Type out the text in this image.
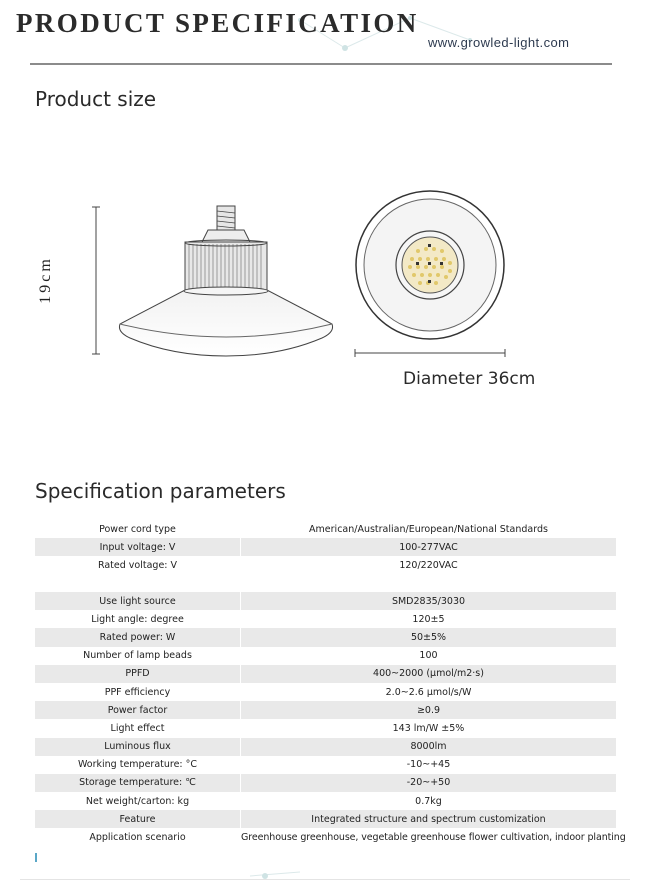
PRODUCT SPECIFICATION
www.growled-light.com
Product size
19cm
Diameter 36cm
Specification parameters
Power cord type	American/Australian/European/National Standards
Input voltage: V	100-277VAC
Rated voltage: V	120/220VAC
Use light source	SMD2835/3030
Light angle: degree	120±5
Rated power: W	50±5%
Number of lamp beads	100
PPFD	400~2000 (μmol/m2·s)
PPF efficiency	2.0~2.6 μmol/s/W
Power factor	≥0.9
Light effect	143 lm/W ±5%
Luminous flux	8000lm
Working temperature: °C	-10~+45
Storage temperature: ℃	-20~+50
Net weight/carton: kg	0.7kg
Feature	Integrated structure and spectrum customization
Application scenario	Greenhouse greenhouse, vegetable greenhouse flower cultivation, indoor planting
